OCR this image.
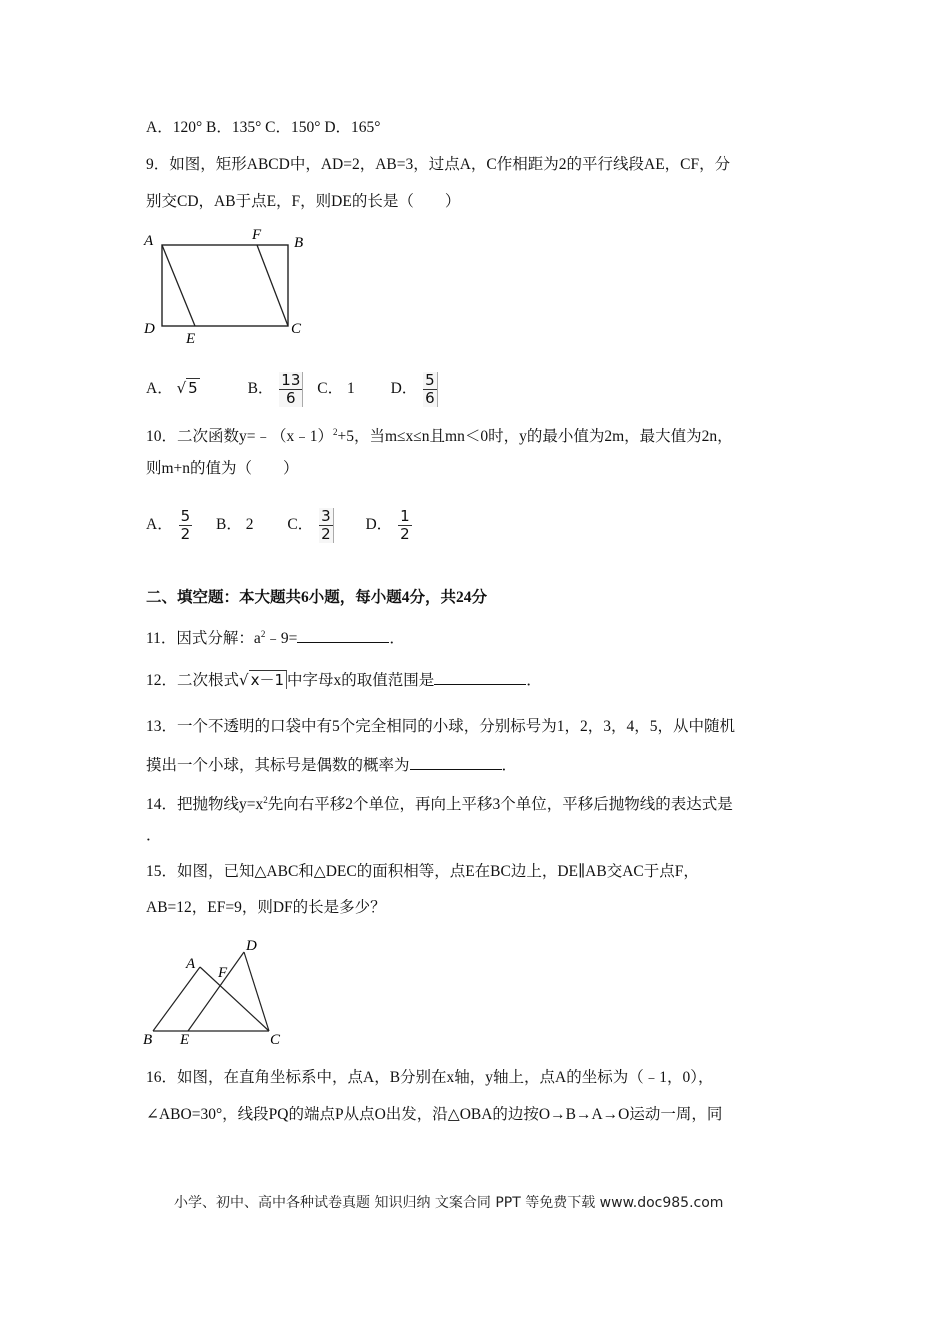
A．120° B．135° C．150° D．165°
9．如图，矩形ABCD中，AD=2，AB=3，过点A，C作相距为2的平行线段AE，CF，分
别交CD，AB于点E，F，则DE的长是（　　）
A	F B
D
E
C
A． √ 5	B． $\frac{13}{6}$ C． 1 D． $\frac{5}{6}$
10．二次函数y=﹣（x﹣1）$^2$+5，当m≤x≤n且mn＜0时，y的最小值为2m，最大值为2n，
则m+n的值为（　　）
A． $\frac{5}{2}$ B． 2 C． $\frac{3}{2}$ D． $\frac{1}{2}$
二、填空题：本大题共6小题，每小题4分，共24分
11．因式分解：$a^2﹣9=$	．
12．二次根式√ x－1 中字母x的取值范围是	．
13．一个不透明的口袋中有5个完全相同的小球，分别标号为1，2，3，4，5，从中随机
摸出一个小球，其标号是偶数的概率为	．
14．把抛物线$y=x^2$先向右平移2个单位，再向上平移3个单位，平移后抛物线的表达式是
．
15．如图，已知△ABC和△DEC的面积相等，点E在BC边上，DE∥AB交AC于点F，
AB=12，EF=9，则DF的长是多少？
A
F
D
B E	C
16．如图，在直角坐标系中，点A，B分别在x轴，y轴上，点A的坐标为（﹣1，0），
∠ABO=30°，线段PQ的端点P从点O出发，沿△OBA的边按O→B→A→O运动一周，同
小学、初中、高中各种试卷真题 知识归纳 文案合同 PPT 等免费下载 www.doc985.com
